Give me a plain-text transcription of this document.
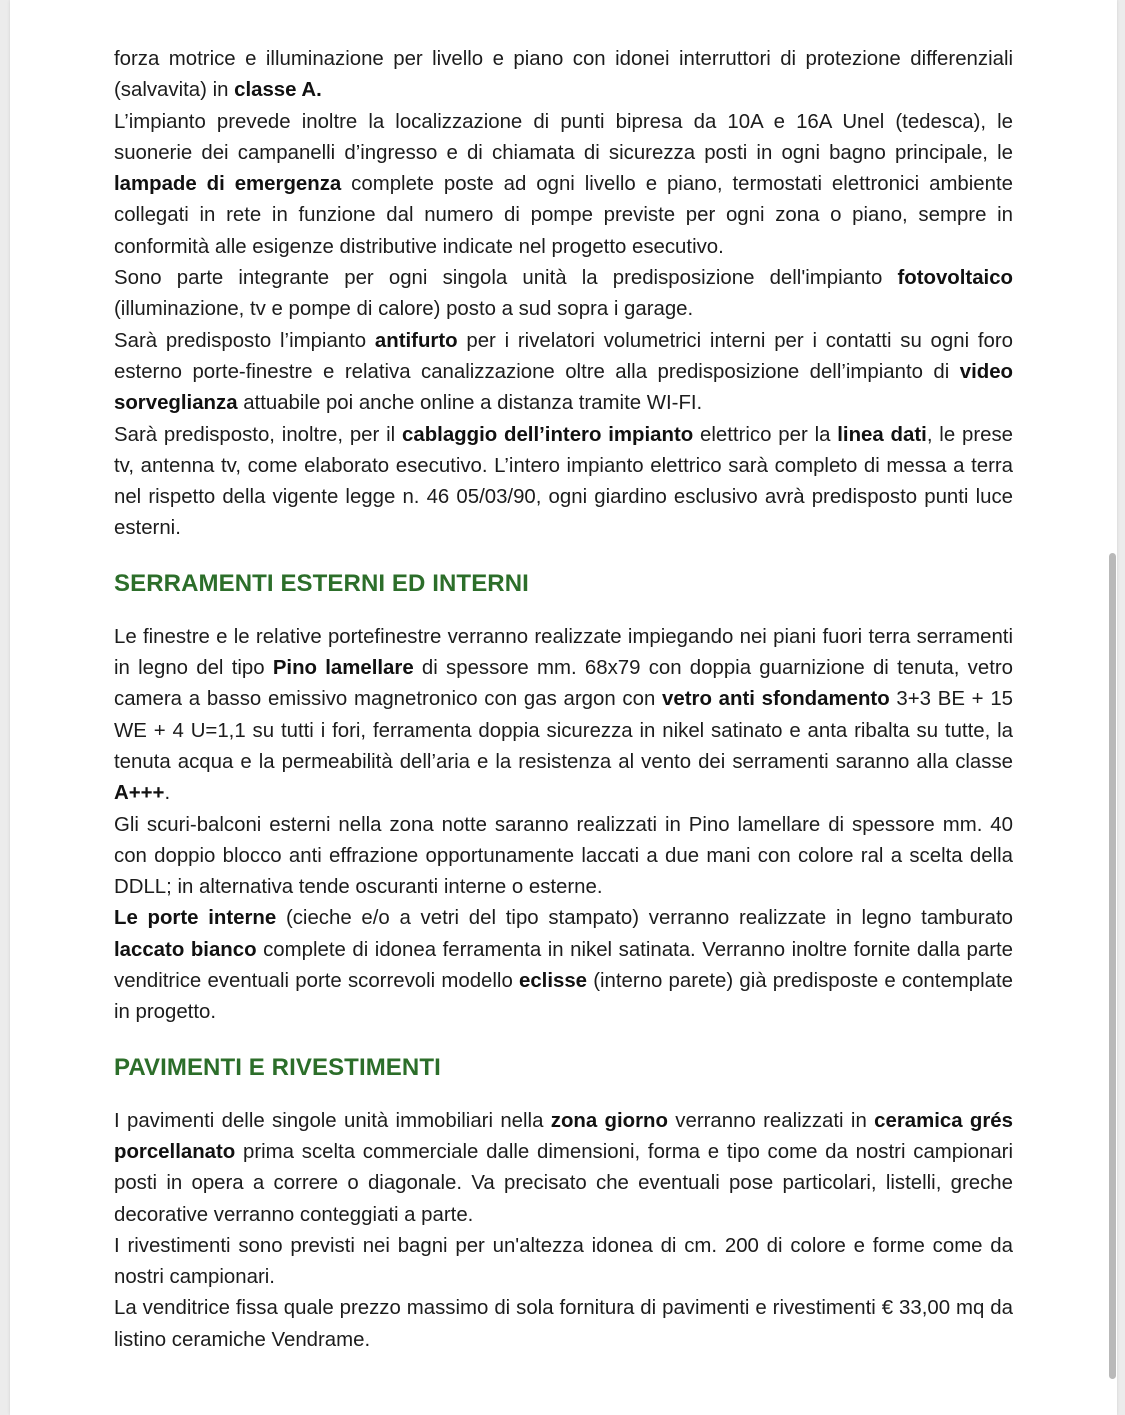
forza motrice e illuminazione per livello e piano con idonei interruttori di protezione differenziali (salvavita) in classe A.

L’impianto prevede inoltre la localizzazione di punti bipresa da 10A e 16A Unel (tedesca), le suonerie dei campanelli d’ingresso e di chiamata di sicurezza posti in ogni bagno principale, le lampade di emergenza complete poste ad ogni livello e piano, termostati elettronici ambiente collegati in rete in funzione dal numero di pompe previste per ogni zona o piano, sempre in conformità alle esigenze distributive indicate nel progetto esecutivo.

Sono parte integrante per ogni singola unità la predisposizione dell'impianto fotovoltaico (illuminazione, tv e pompe di calore) posto a sud sopra i garage.

Sarà predisposto l’impianto antifurto per i rivelatori volumetrici interni per i contatti su ogni foro esterno porte-finestre e relativa canalizzazione oltre alla predisposizione dell’impianto di video sorveglianza attuabile poi anche online a distanza tramite WI-FI.

Sarà predisposto, inoltre, per il cablaggio dell’intero impianto elettrico per la linea dati, le prese tv, antenna tv, come elaborato esecutivo. L’intero impianto elettrico sarà completo di messa a terra nel rispetto della vigente legge n. 46 05/03/90, ogni giardino esclusivo avrà predisposto punti luce esterni.

SERRAMENTI ESTERNI ED INTERNI

Le finestre e le relative portefinestre verranno realizzate impiegando nei piani fuori terra serramenti in legno del tipo Pino lamellare di spessore mm. 68x79 con doppia guarnizione di tenuta, vetro camera a basso emissivo magnetronico con gas argon con vetro anti sfondamento 3+3 BE + 15 WE + 4 U=1,1 su tutti i fori, ferramenta doppia sicurezza in nikel satinato e anta ribalta su tutte, la tenuta acqua e la permeabilità dell’aria e la resistenza al vento dei serramenti saranno alla classe A+++.

Gli scuri-balconi esterni nella zona notte saranno realizzati in Pino lamellare di spessore mm. 40 con doppio blocco anti effrazione opportunamente laccati a due mani con colore ral a scelta della DDLL; in alternativa tende oscuranti interne o esterne.

Le porte interne (cieche e/o a vetri del tipo stampato) verranno realizzate in legno tamburato laccato bianco complete di idonea ferramenta in nikel satinata. Verranno inoltre fornite dalla parte venditrice eventuali porte scorrevoli modello eclisse (interno parete) già predisposte e contemplate in progetto.

PAVIMENTI E RIVESTIMENTI

I pavimenti delle singole unità immobiliari nella zona giorno verranno realizzati in ceramica grés porcellanato prima scelta commerciale dalle dimensioni, forma e tipo come da nostri campionari posti in opera a correre o diagonale. Va precisato che eventuali pose particolari, listelli, greche decorative verranno conteggiati a parte.

I rivestimenti sono previsti nei bagni per un'altezza idonea di cm. 200 di colore e forme come da nostri campionari.

La venditrice fissa quale prezzo massimo di sola fornitura di pavimenti e rivestimenti € 33,00 mq da listino ceramiche Vendrame.
